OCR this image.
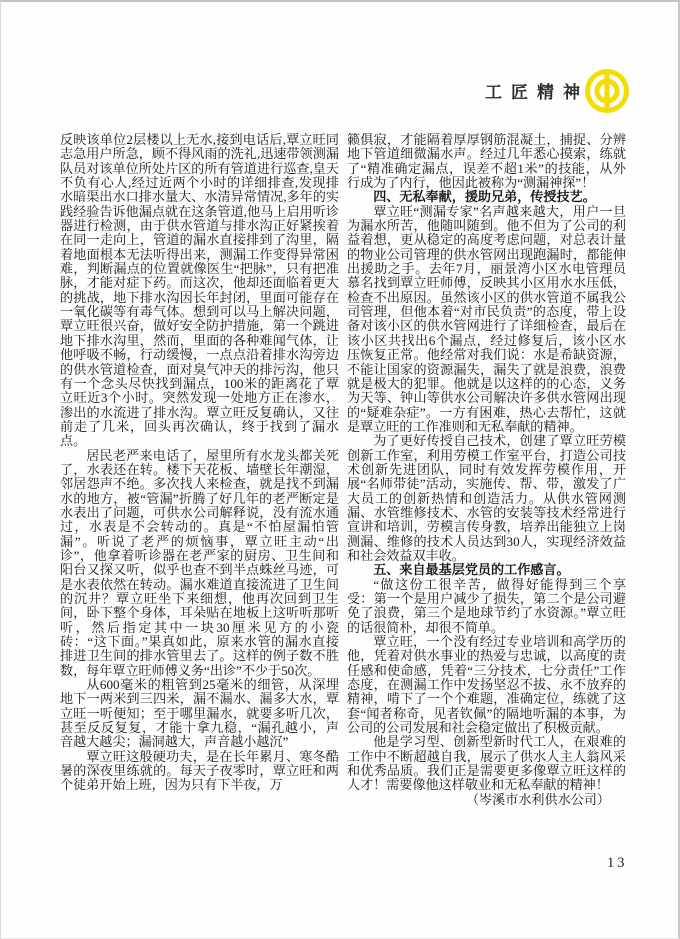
工匠精神
反映该单位2层楼以上无水,接到电话后,覃立旺同志急用户所急，顾不得风雨的洗礼,迅速带领测漏队员对该单位所处片区的所有管道进行巡查,皇天不负有心人,经过近两个小时的详细排查,发现排水暗渠出水口排水量大、水清异常情况,多年的实践经验告诉他漏点就在这条管道,他马上启用听诊器进行检测，由于供水管道与排水沟正好紧挨着在同一走向上，管道的漏水直接排到了沟里，隔着地面根本无法听得出来，测漏工作变得异常困难，判断漏点的位置就像医生“把脉”，只有把准脉，才能对症下药。而这次，他却还面临着更大的挑战，地下排水沟因长年封闭，里面可能存在一氧化碳等有毒气体。想到可以马上解决问题，覃立旺很兴奋，做好安全防护措施，第一个跳进地下排水沟里，然而，里面的各种难闻气体，让他呼吸不畅，行动缓慢，一点点沿着排水沟旁边的供水管道检查，面对臭气冲天的排污沟，他只有一个念头尽快找到漏点，100米的距离花了覃立旺近3个小时。突然发现一处地方正在渗水，渗出的水流进了排水沟。覃立旺反复确认，又往前走了几米，回头再次确认，终于找到了漏水点。
居民老严来电话了，屋里所有水龙头都关死了，水表还在转。楼下天花板、墙壁长年潮湿，邻居怨声不绝。多次找人来检查，就是找不到漏水的地方，被“管漏”折腾了好几年的老严断定是水表出了问题，可供水公司解释说，没有流水通过，水表是不会转动的。真是“不怕屋漏怕管漏”。听说了老严的烦恼事，覃立旺主动“出诊”，他拿着听诊器在老严家的厨房、卫生间和阳台又探又听，似乎也查不到半点蛛丝马迹，可是水表依然在转动。漏水难道直接流进了卫生间的沉井？覃立旺坐下来细想，他再次回到卫生间，卧下整个身体，耳朵贴在地板上这听听那听听，然后指定其中一块30厘米见方的小瓷砖：“这下面。”果真如此，原来水管的漏水直接排进卫生间的排水管里去了。这样的例子数不胜数，每年覃立旺师傅义务“出诊”不少于50次。
从600毫米的粗管到25毫米的细管，从深埋地下一两米到三四米，漏不漏水、漏多大水，覃立旺一听便知；至于哪里漏水，就要多听几次，甚至反反复复，才能十拿九稳，“漏孔越小，声音越大越尖；漏洞越大，声音越小越沉”
覃立旺这般硬功夫，是在长年累月、寒冬酷暑的深夜里练就的。每天子夜零时，覃立旺和两个徒弟开始上班，因为只有下半夜，万
籁俱寂，才能隔着厚厚钢筋混凝土，捕捉、分辨地下管道细微漏水声。经过几年悉心摸索，练就了“精准确定漏点，误差不超1米”的技能，从外行成为了内行，他因此被称为“测漏神探”！
四、无私奉献，援助兄弟，传授技艺。
覃立旺“测漏专家”名声越来越大，用户一旦为漏水所苦，他随叫随到。他不但为了公司的利益着想，更从稳定的高度考虑问题，对总表计量的物业公司管理的供水管网出现跑漏时，都能伸出援助之手。去年7月，丽景湾小区水电管理员慕名找到覃立旺师傅，反映其小区用水水压低，检查不出原因。虽然该小区的供水管道不属我公司管理，但他本着“对市民负责”的态度，带上设备对该小区的供水管网进行了详细检查，最后在该小区共找出6个漏点，经过修复后，该小区水压恢复正常。他经常对我们说：水是希缺资源，不能让国家的资源漏失，漏失了就是浪费，浪费就是极大的犯罪。他就是以这样的的心态，义务为天等、钟山等供水公司解决许多供水管网出现的“疑难杂症”。一方有困难，热心去帮忙，这就是覃立旺的工作准则和无私奉献的精神。
为了更好传授自己技术，创建了覃立旺劳模创新工作室，利用劳模工作室平台，打造公司技术创新先进团队，同时有效发挥劳模作用，开展“名师带徒”活动，实施传、帮、带，激发了广大员工的创新热情和创造活力。从供水管网测漏、水管维修技术、水管的安装等技术经常进行宣讲和培训，劳模言传身教，培养出能独立上岗测漏、维修的技术人员达到30人，实现经济效益和社会效益双丰收。
五、来自最基层党员的工作感言。
“做这份工很辛苦，做得好能得到三个享受：第一个是用户减少了损失，第二个是公司避免了浪费，第三个是地球节约了水资源。”覃立旺的话很简朴，却很不简单。
覃立旺，一个没有经过专业培训和高学历的他，凭着对供水事业的热爱与忠诚，以高度的责任感和使命感，凭着“三分技术，七分责任”工作态度，在测漏工作中发扬坚忍不拔、永不放弃的精神，啃下了一个个难题，准确定位，练就了这套“闻者称奇，见者钦佩”的隔地听漏的本事，为公司的公司发展和社会稳定做出了积极贡献。
他是学习型、创新型新时代工人，在艰难的工作中不断超越自我，展示了供水人主人翁风采和优秀品质。我们正是需要更多像覃立旺这样的人才！需要像他这样敬业和无私奉献的精神！
（岑溪市水利供水公司）
13
